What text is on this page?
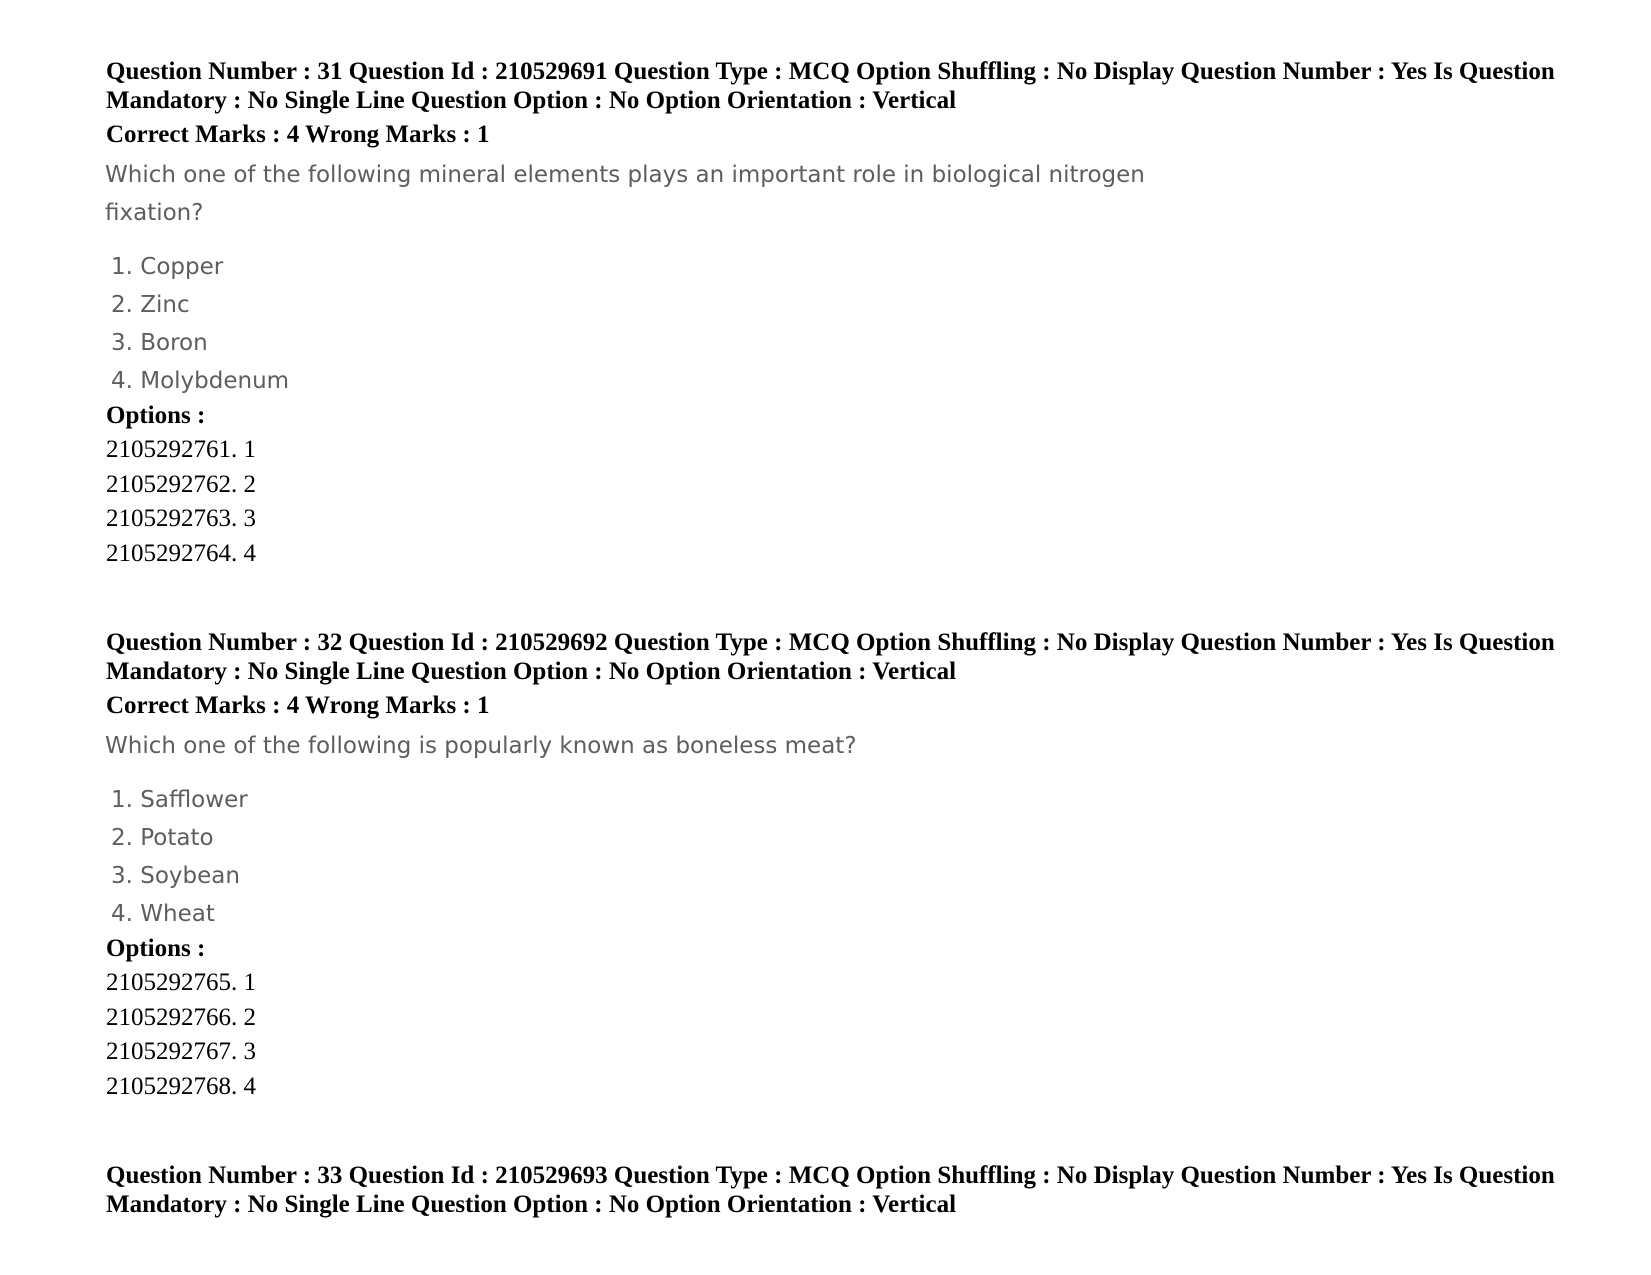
Question Number : 31 Question Id : 210529691 Question Type : MCQ Option Shuffling : No Display Question Number : Yes Is Question Mandatory : No Single Line Question Option : No Option Orientation : Vertical

Correct Marks : 4 Wrong Marks : 1
Which one of the following mineral elements plays an important role in biological nitrogen
fixation?
1. Copper
2. Zinc
3. Boron
4. Molybdenum
Options :
2105292761. 1
2105292762. 2
2105292763. 3
2105292764. 4

Question Number : 32 Question Id : 210529692 Question Type : MCQ Option Shuffling : No Display Question Number : Yes Is Question Mandatory : No Single Line Question Option : No Option Orientation : Vertical

Correct Marks : 4 Wrong Marks : 1
Which one of the following is popularly known as boneless meat?
1. Safflower
2. Potato
3. Soybean
4. Wheat
Options :
2105292765. 1
2105292766. 2
2105292767. 3
2105292768. 4

Question Number : 33 Question Id : 210529693 Question Type : MCQ Option Shuffling : No Display Question Number : Yes Is Question Mandatory : No Single Line Question Option : No Option Orientation : Vertical
